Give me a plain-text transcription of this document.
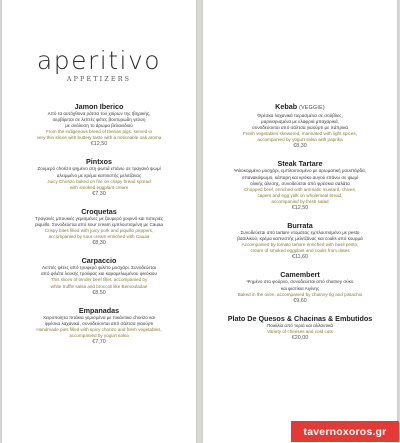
aperitivo
APPETIZERS
Jamon Iberico
Από τα αυτόχθονα ράτσα του χοίρων της Ιβηρικής,
σερβίρεται σε λεπτές φέτες βουτυρώδη γεύση
με ανάλυση το άρωμα βελανιδιού
From the indigenous breed of Iberian pigs, served in
very thin slices with buttery taste with a noticeable oak aroma
€12,50
Pintxos
Ζουμερό chorizo ψημένο στη φωτιά επάνω σε τραγανό ψωμί
αλειμμένο με κρέμα καπνιστής μελιτζάνας
Juicy Chorizo baked on fire on crispy bread spread
with smoked eggplant cream
€7,30
Croquetas
Τραγανές μπουκιές γεμισμένες με ζουμερό χοιρινό και πιπεριές
piquillo. Συνοδεύεται από sour cream εμπλουτισμένη με Cauaa
Crispy bites filled with juicy pork and piquillo peppers,
accompanied by sour cream enriched with Cauaa
€8,30
Carpaccio
Λεπτές φέτες από τρυφερό φιλέτο μοσχάρι. Συνοδεύεται
από φιλέτα λευκής τρούφας και καραμελωμένου φινόκιου
This slices of tender beef fillet, accompanied by
white truffle salsa and broccoli like Bemouladae
€8,50
Empanadas
Χειροποίητα πιτάκια γεμισμένα με πικάντικο chorizo και
φρέσκα λαχανικά, συνοδεύονται από σάλτσα γιαούρτι
Handmade pies filled with spicy chorizo and fresh vegetables,
accompanied by yogurt salsa
€7,70
Kebab (VEGGIE)
Φρέσκα λαχανικά περασμένα σε σούβλες,
μαριναρισμένα με ελαφριά μπαχαρικά,
συνοδεύονται από σάλτσα γιαούρτι με πάπρικα
Fresh vegetables skewered, marinated with light spices,
accompanied by yogurt salsa with paprika
€8,30
Steak Tartare
Ψιλοκομμένο μοσχάρι, εμπλουτισμένο με αρωματική μουστάρδα,
σπανακόψωμο, κάπαρη και κρόκο αυγού επάνω σε ψωμί
ολικής άλεσης, συνοδεύεται από φρέσκια σαλάτα
Chopped beef, enriched with aromatic mustard, chives,
capers and egg yolk on wholemeal bread,
accompanied by fresh salad
€12,50
Burrata
Συνοδεύεται από tartare ντομάτας εμπλουτισμένο με pesto
βασιλικού, κρέμα καπνιστής μελιτζάνας και coulis από κουρμά
Accompanied by tomato tartare enriched with basil pesto,
cream of smoked eggplant and coulis from dates
€11,60
Camembert
Ψημένο στο φούρνο, συνοδεύεται από chutney σύκο
και φιστίκια Αιγίνης
Baked in the oven, accompanied by chutney fig and pistachio
€9,60
Plato De Quesos & Chacinas & Embutidos
Ποικιλία από τυριά και αλλαντικά
Variety of cheeses and cold cuts
€20,00
tavernoxoros.gr
